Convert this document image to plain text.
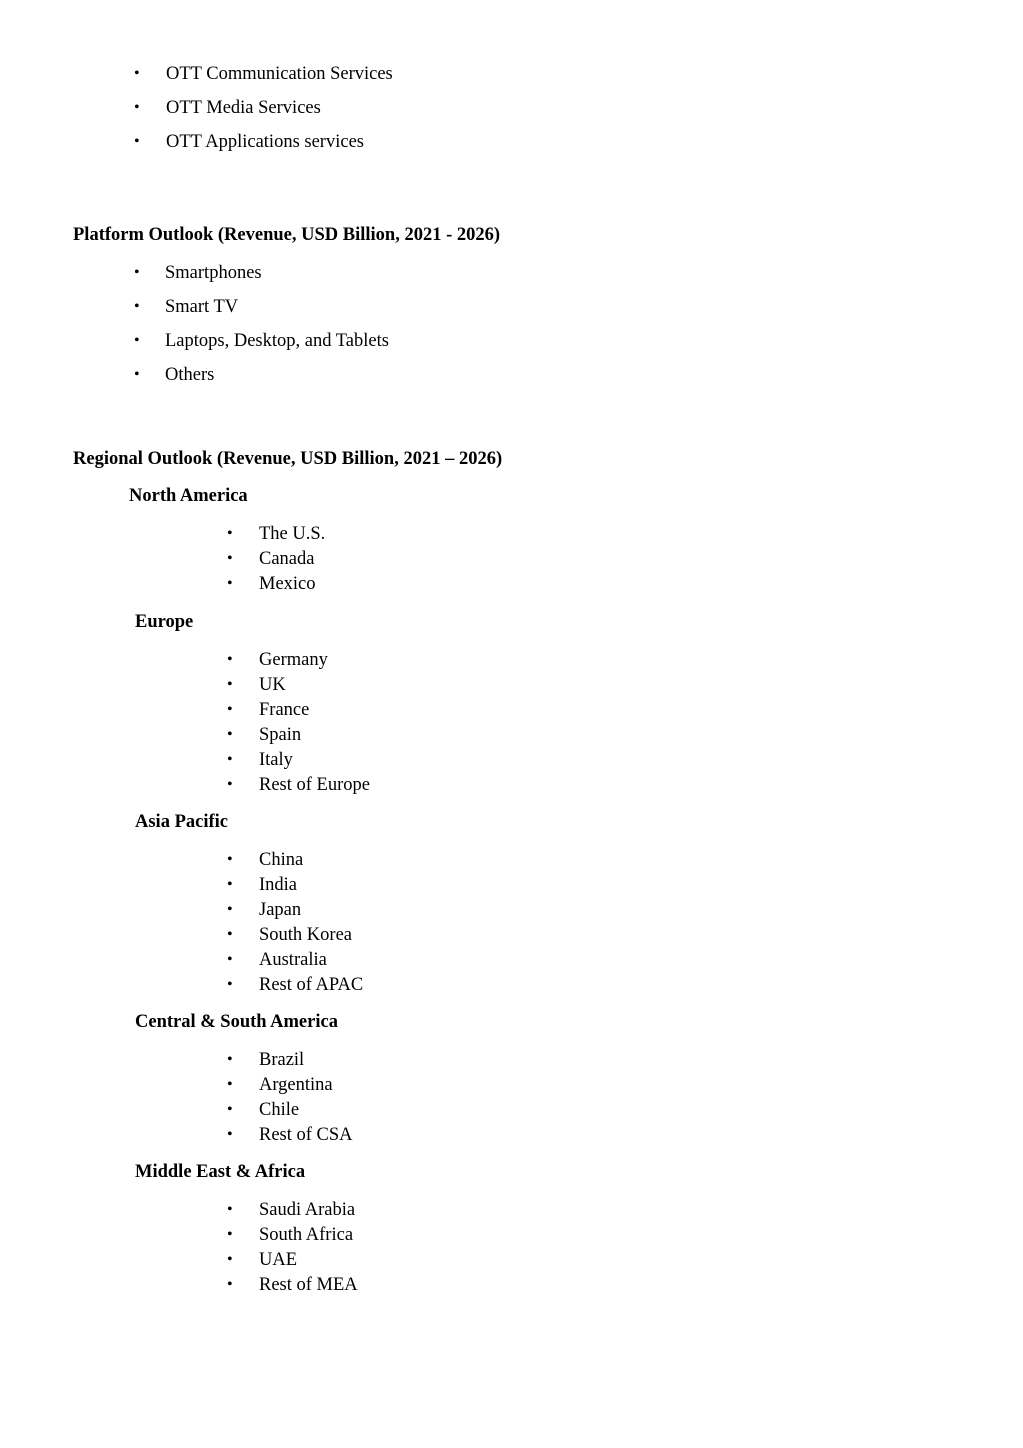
• OTT Communication Services
• OTT Media Services
• OTT Applications services
Platform Outlook (Revenue, USD Billion, 2021 - 2026)
• Smartphones
• Smart TV
• Laptops, Desktop, and Tablets
• Others
Regional Outlook (Revenue, USD Billion, 2021 – 2026)
North America
• The U.S.
• Canada
• Mexico
Europe
• Germany
• UK
• France
• Spain
• Italy
• Rest of Europe
Asia Pacific
• China
• India
• Japan
• South Korea
• Australia
• Rest of APAC
Central & South America
• Brazil
• Argentina
• Chile
• Rest of CSA
Middle East & Africa
• Saudi Arabia
• South Africa
• UAE
• Rest of MEA
